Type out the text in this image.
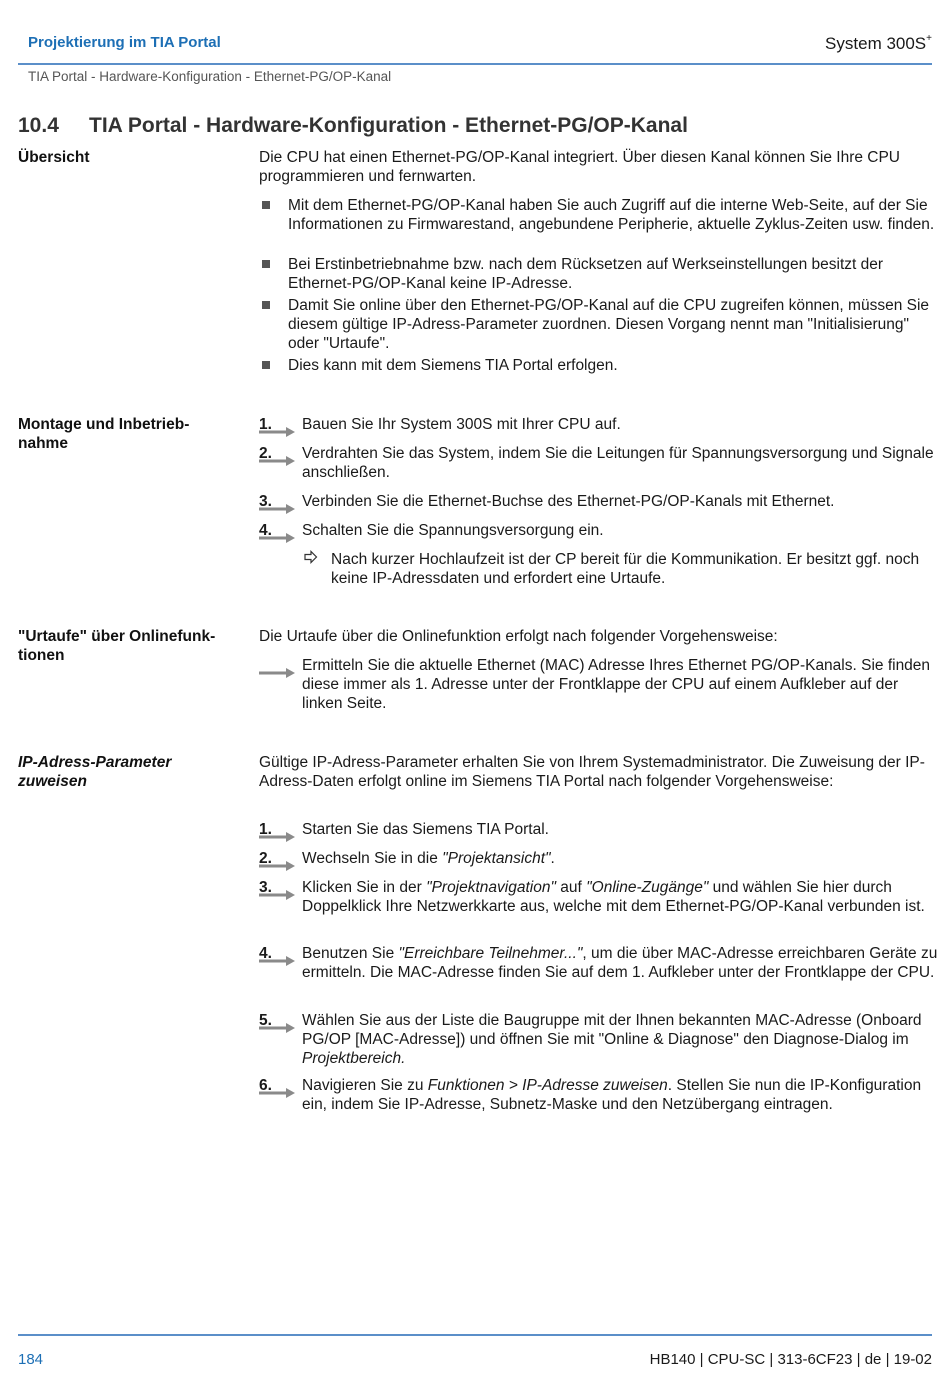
Projektierung im TIA Portal	System 300S+
TIA Portal - Hardware-Konfiguration - Ethernet-PG/OP-Kanal
10.4 TIA Portal - Hardware-Konfiguration - Ethernet-PG/OP-Kanal
Übersicht	Die CPU hat einen Ethernet-PG/OP-Kanal integriert. Über diesen Kanal können Sie Ihre CPU programmieren und fernwarten.
Mit dem Ethernet-PG/OP-Kanal haben Sie auch Zugriff auf die interne Web-Seite, auf der Sie Informationen zu Firmwarestand, angebundene Peripherie, aktuelle Zyklus-Zeiten usw. finden.
Bei Erstinbetriebnahme bzw. nach dem Rücksetzen auf Werkseinstellungen besitzt der Ethernet-PG/OP-Kanal keine IP-Adresse.
Damit Sie online über den Ethernet-PG/OP-Kanal auf die CPU zugreifen können, müssen Sie diesem gültige IP-Adress-Parameter zuordnen. Diesen Vorgang nennt man "Initialisierung" oder "Urtaufe".
Dies kann mit dem Siemens TIA Portal erfolgen.
Montage und Inbetriebnahme
1. Bauen Sie Ihr System 300S mit Ihrer CPU auf.
2. Verdrahten Sie das System, indem Sie die Leitungen für Spannungsversorgung und Signale anschließen.
3. Verbinden Sie die Ethernet-Buchse des Ethernet-PG/OP-Kanals mit Ethernet.
4. Schalten Sie die Spannungsversorgung ein.
Nach kurzer Hochlaufzeit ist der CP bereit für die Kommunikation. Er besitzt ggf. noch keine IP-Adressdaten und erfordert eine Urtaufe.
"Urtaufe" über Onlinefunktionen
Die Urtaufe über die Onlinefunktion erfolgt nach folgender Vorgehensweise:
Ermitteln Sie die aktuelle Ethernet (MAC) Adresse Ihres Ethernet PG/OP-Kanals. Sie finden diese immer als 1. Adresse unter der Frontklappe der CPU auf einem Aufkleber auf der linken Seite.
IP-Adress-Parameter zuweisen
Gültige IP-Adress-Parameter erhalten Sie von Ihrem Systemadministrator. Die Zuweisung der IP-Adress-Daten erfolgt online im Siemens TIA Portal nach folgender Vorgehensweise:
1. Starten Sie das Siemens TIA Portal.
2. Wechseln Sie in die "Projektansicht".
3. Klicken Sie in der "Projektnavigation" auf "Online-Zugänge" und wählen Sie hier durch Doppelklick Ihre Netzwerkkarte aus, welche mit dem Ethernet-PG/OP-Kanal verbunden ist.
4. Benutzen Sie "Erreichbare Teilnehmer...", um die über MAC-Adresse erreichbaren Geräte zu ermitteln. Die MAC-Adresse finden Sie auf dem 1. Aufkleber unter der Frontklappe der CPU.
5. Wählen Sie aus der Liste die Baugruppe mit der Ihnen bekannten MAC-Adresse (Onboard PG/OP [MAC-Adresse]) und öffnen Sie mit "Online & Diagnose" den Diagnose-Dialog im Projektbereich.
6. Navigieren Sie zu Funktionen > IP-Adresse zuweisen. Stellen Sie nun die IP-Konfiguration ein, indem Sie IP-Adresse, Subnetz-Maske und den Netzübergang eintragen.
184	HB140 | CPU-SC | 313-6CF23 | de | 19-02
